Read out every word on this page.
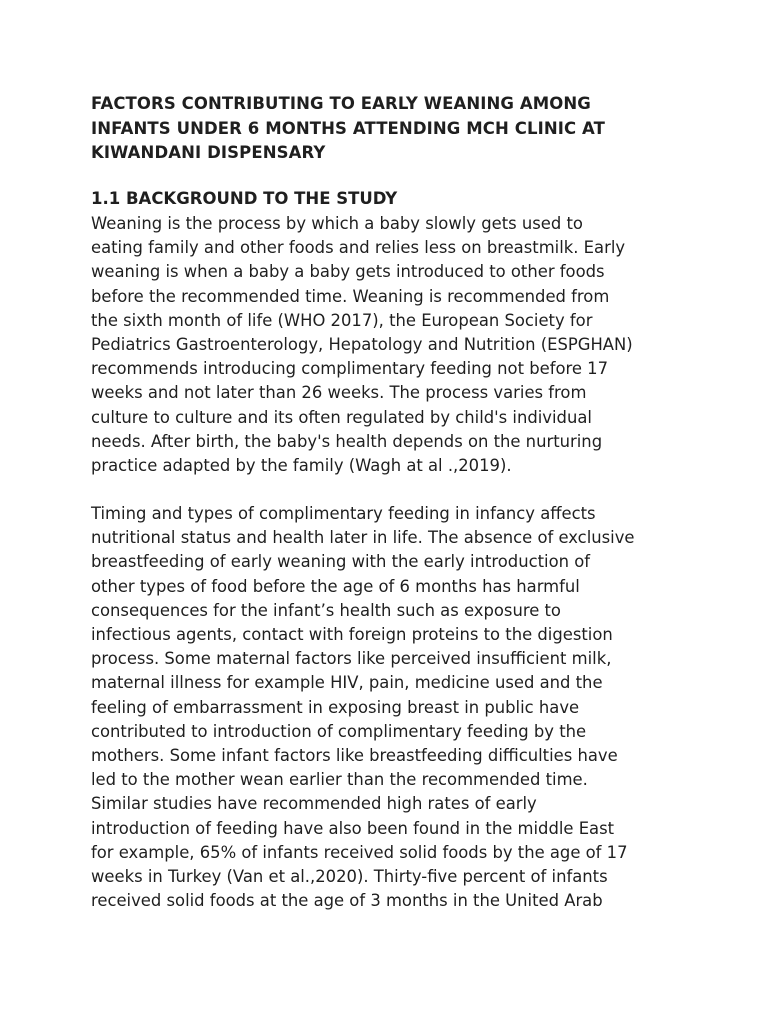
FACTORS CONTRIBUTING TO EARLY WEANING AMONG
INFANTS UNDER 6 MONTHS ATTENDING MCH CLINIC AT
KIWANDANI DISPENSARY
1.1 BACKGROUND TO THE STUDY

Weaning is the process by which a baby slowly gets used to
eating family and other foods and relies less on breastmilk. Early
weaning is when a baby a baby gets introduced to other foods
before the recommended time. Weaning is recommended from
the sixth month of life (WHO 2017), the European Society for
Pediatrics Gastroenterology, Hepatology and Nutrition (ESPGHAN)
recommends introducing complimentary feeding not before 17
weeks and not later than 26 weeks. The process varies from
culture to culture and its often regulated by child's individual
needs. After birth, the baby's health depends on the nurturing
practice adapted by the family (Wagh at al .,2019).

Timing and types of complimentary feeding in infancy affects
nutritional status and health later in life. The absence of exclusive
breastfeeding of early weaning with the early introduction of
other types of food before the age of 6 months has harmful
consequences for the infant’s health such as exposure to
infectious agents, contact with foreign proteins to the digestion
process. Some maternal factors like perceived insufficient milk,
maternal illness for example HIV, pain, medicine used and the
feeling of embarrassment in exposing breast in public have
contributed to introduction of complimentary feeding by the
mothers. Some infant factors like breastfeeding difficulties have
led to the mother wean earlier than the recommended time.
Similar studies have recommended high rates of early
introduction of feeding have also been found in the middle East
for example, 65% of infants received solid foods by the age of 17
weeks in Turkey (Van et al.,2020). Thirty-five percent of infants
received solid foods at the age of 3 months in the United Arab
